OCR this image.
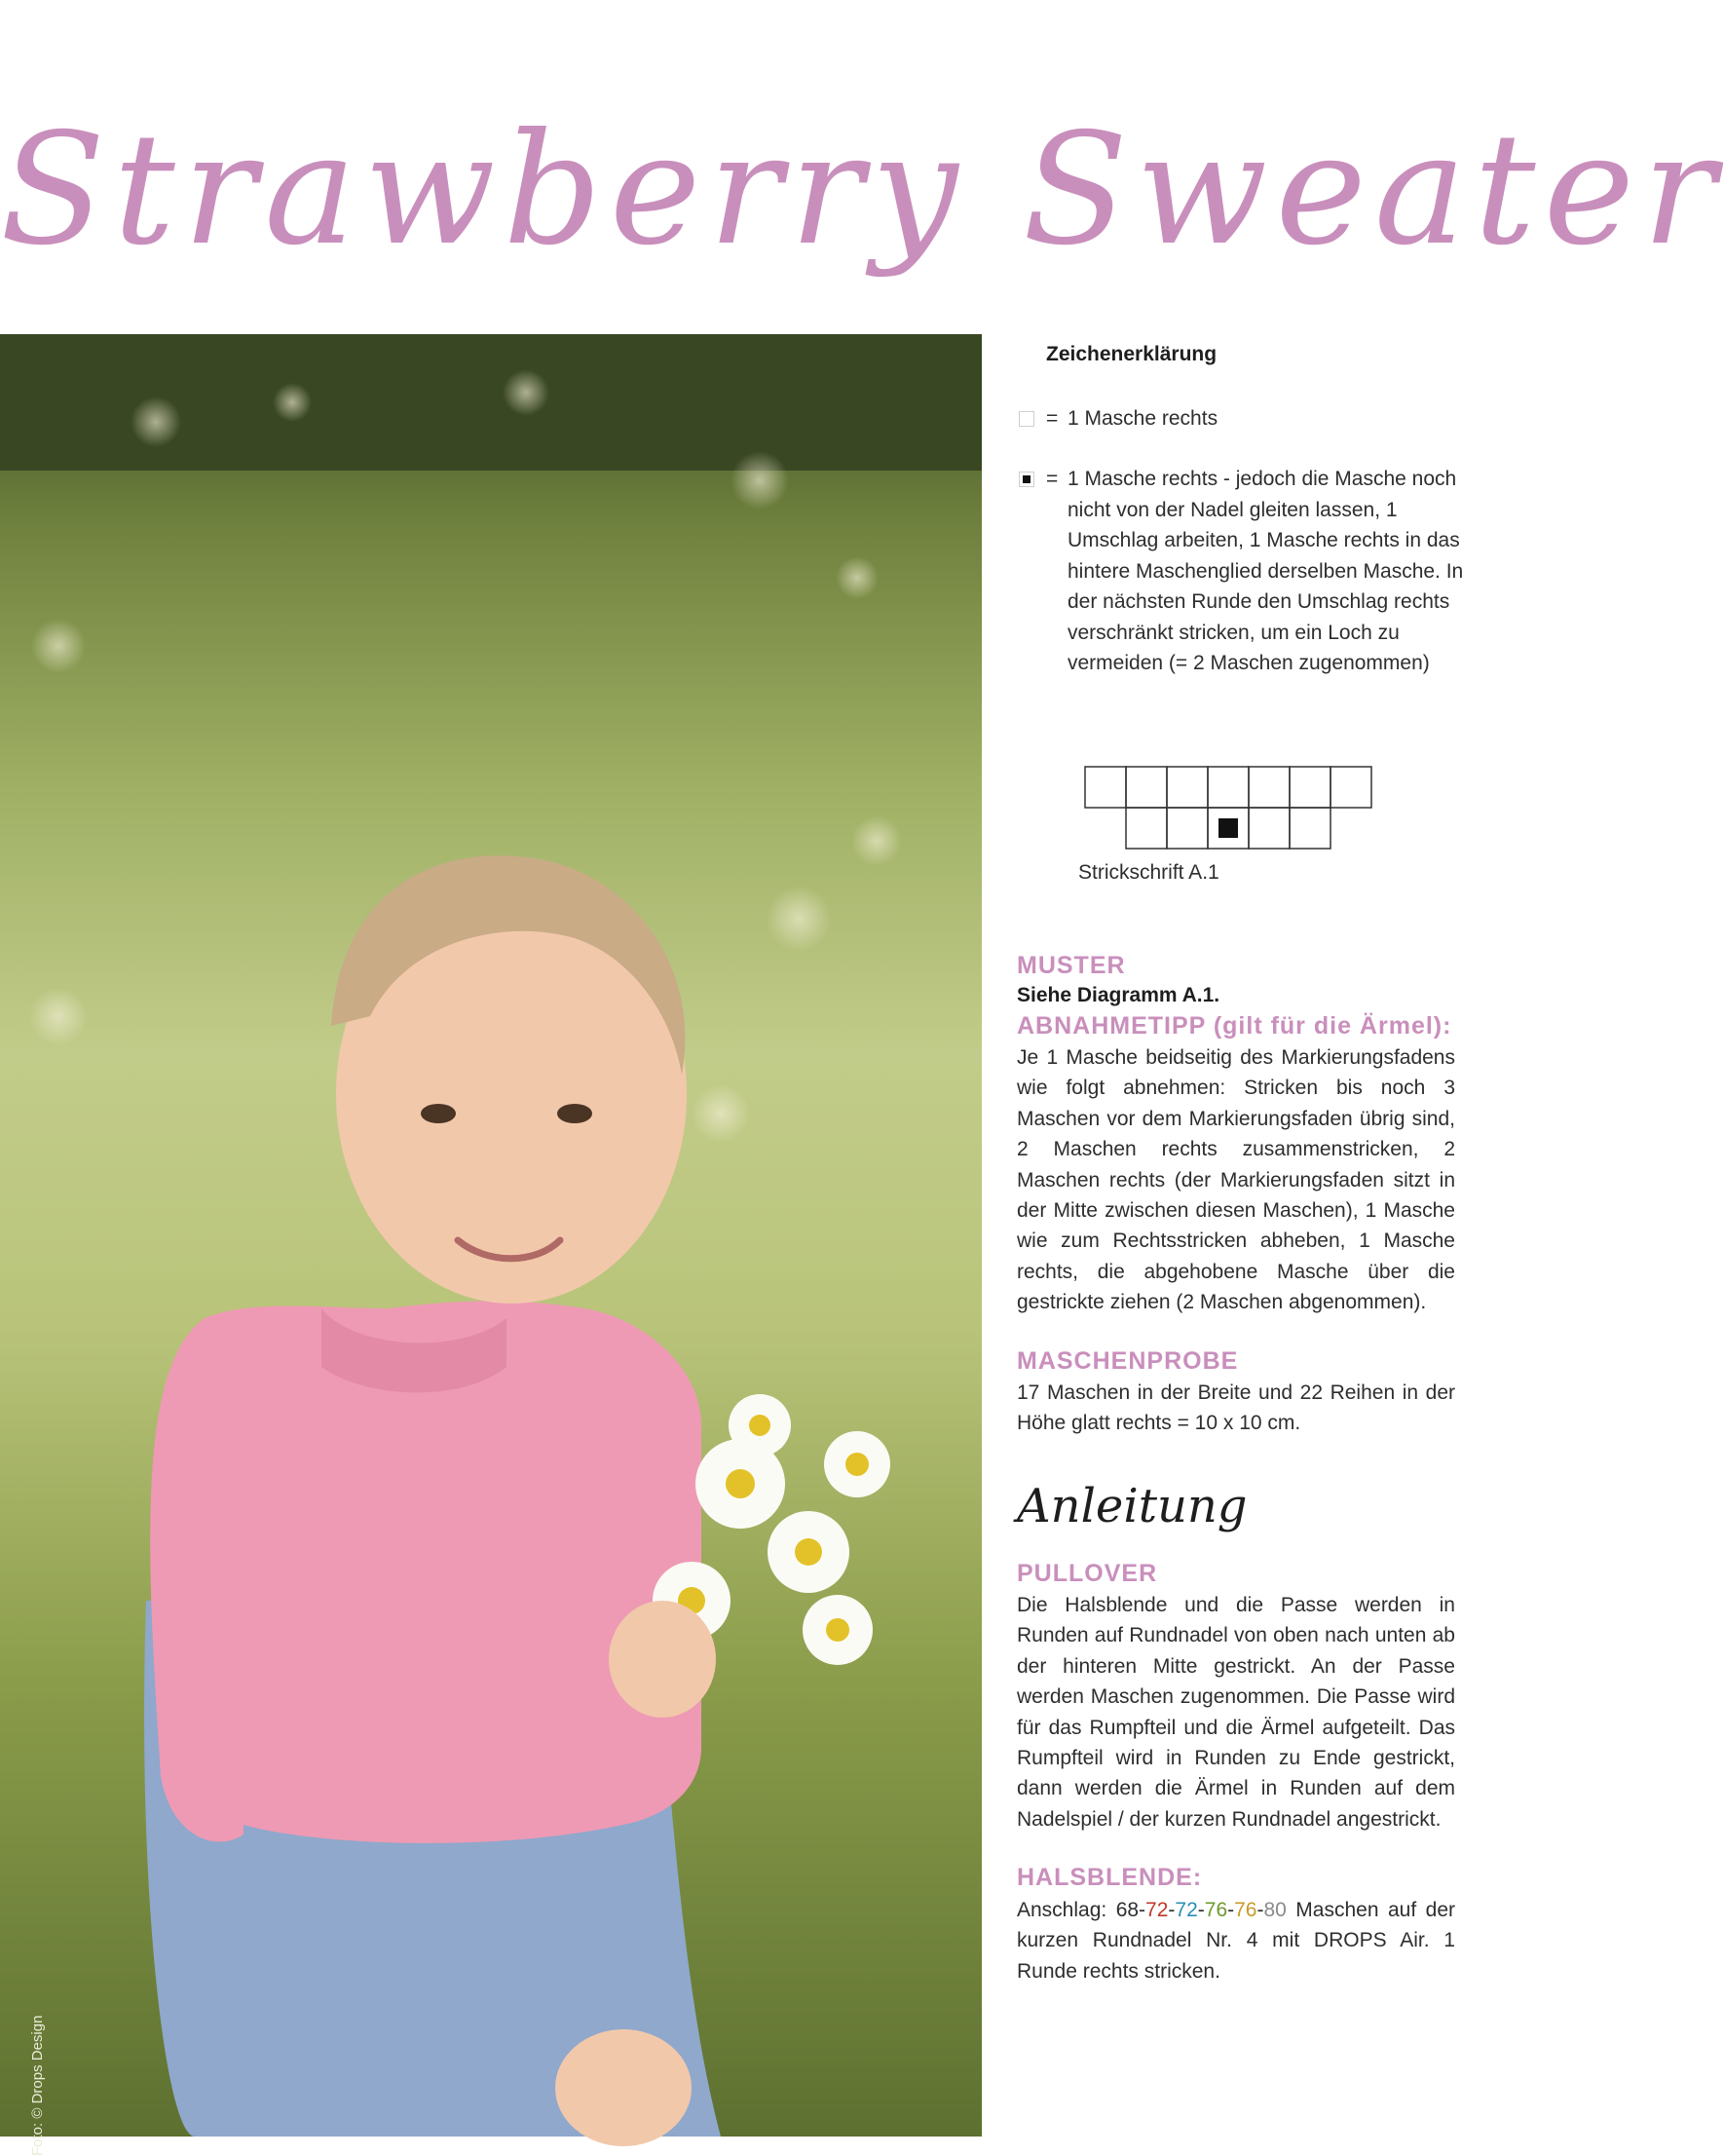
Strawberry Sweater
Foto: © Drops Design
Zeichenerklärung
= 1 Masche rechts
= 1 Masche rechts - jedoch die Masche noch nicht von der Nadel gleiten lassen, 1 Umschlag arbeiten, 1 Masche rechts in das hintere Maschenglied derselben Masche. In der nächsten Runde den Umschlag rechts verschränkt stricken, um ein Loch zu vermeiden (= 2 Maschen zugenommen)
Strickschrift A.1
MUSTER
Siehe Diagramm A.1.
ABNAHMETIPP (gilt für die Ärmel):
Je 1 Masche beidseitig des Markierungsfadens wie folgt abnehmen: Stricken bis noch 3 Maschen vor dem Markierungsfaden übrig sind, 2 Maschen rechts zusammenstricken, 2 Maschen rechts (der Markierungsfaden sitzt in der Mitte zwischen diesen Maschen), 1 Masche wie zum Rechtsstricken abheben, 1 Masche rechts, die abgehobene Masche über die gestrickte ziehen (2 Maschen abgenommen).
MASCHENPROBE
17 Maschen in der Breite und 22 Reihen in der Höhe glatt rechts = 10 x 10 cm.
Anleitung
PULLOVER
Die Halsblende und die Passe werden in Runden auf Rundnadel von oben nach unten ab der hinteren Mitte gestrickt. An der Passe werden Maschen zugenommen. Die Passe wird für das Rumpfteil und die Ärmel aufgeteilt. Das Rumpfteil wird in Runden zu Ende gestrickt, dann werden die Ärmel in Runden auf dem Nadelspiel / der kurzen Rundnadel angestrickt.
HALSBLENDE:
Anschlag: 68-72-72-76-76-80 Maschen auf der kurzen Rundnadel Nr. 4 mit DROPS Air. 1 Runde rechts stricken.
